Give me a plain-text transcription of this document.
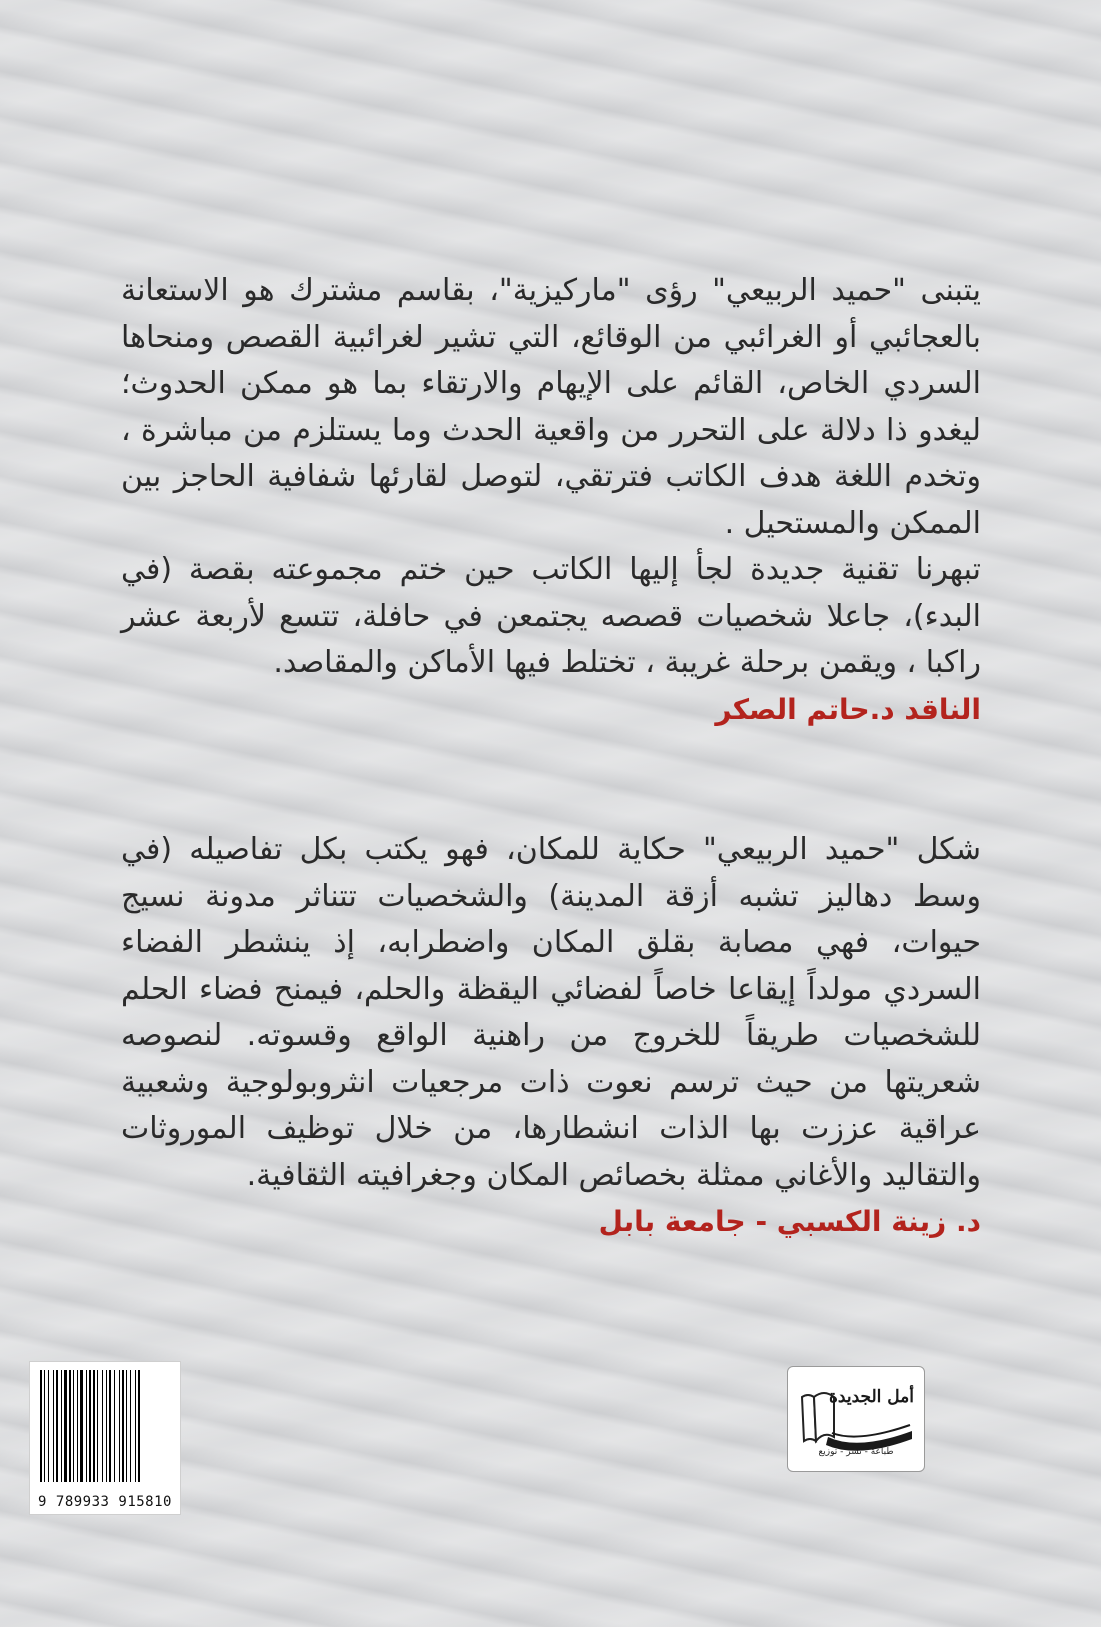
يتبنى "حميد الربيعي" رؤى "ماركيزية"، بقاسم مشترك هو الاستعانة بالعجائبي أو الغرائبي من الوقائع، التي تشير لغرائبية القصص ومنحاها السردي الخاص، القائم على الإيهام والارتقاء بما هو ممكن الحدوث؛ ليغدو ذا دلالة على التحرر من واقعية الحدث وما يستلزم من مباشرة ، وتخدم اللغة هدف الكاتب فترتقي، لتوصل لقارئها شفافية الحاجز بين الممكن والمستحيل .

تبهرنا تقنية جديدة لجأ إليها الكاتب حين ختم مجموعته بقصة (في البدء)، جاعلا شخصيات قصصه يجتمعن في حافلة، تتسع لأربعة عشر راكبا ، ويقمن برحلة غريبة ، تختلط فيها الأماكن والمقاصد.

الناقد د.حاتم الصكر

شكل "حميد الربيعي" حكاية للمكان، فهو يكتب بكل تفاصيله (في وسط دهاليز تشبه أزقة المدينة) والشخصيات تتناثر مدونة نسيج حيوات، فهي مصابة بقلق المكان واضطرابه، إذ ينشطر الفضاء السردي مولداً إيقاعا خاصاً لفضائي اليقظة والحلم، فيمنح فضاء الحلم للشخصيات طريقاً للخروج من راهنية الواقع وقسوته. لنصوصه شعريتها من حيث ترسم نعوت ذات مرجعيات انثروبولوجية وشعبية عراقية عززت بها الذات انشطارها، من خلال توظيف الموروثات والتقاليد والأغاني ممثلة بخصائص المكان وجغرافيته الثقافية.

د. زينة الكسبي - جامعة بابل

9 789933 915810
أمل الجديدة
طباعة - نشر - توزيع
